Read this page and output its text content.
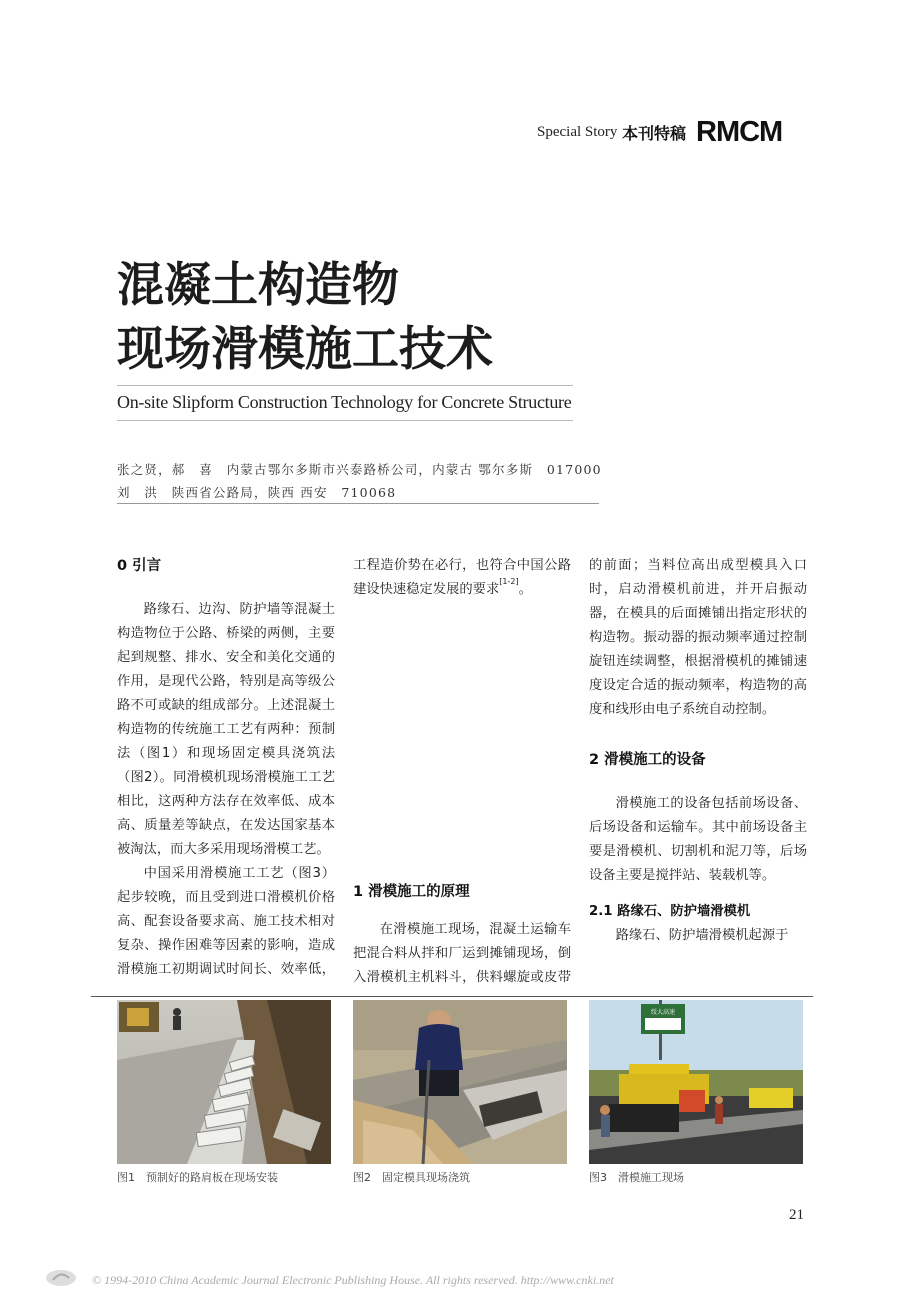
Special Story 本刊特稿 RMCM
混凝土构造物
现场滑模施工技术
On-site Slipform Construction Technology for Concrete Structure
张之贤，郝　喜　内蒙古鄂尔多斯市兴泰路桥公司，内蒙古 鄂尔多斯　017000
刘　洪　陕西省公路局，陕西 西安　710068
0 引言

路缘石、边沟、防护墙等混凝土构造物位于公路、桥梁的两侧，主要起到规整、排水、安全和美化交通的作用，是现代公路，特别是高等级公路不可或缺的组成部分。上述混凝土构造物的传统施工工艺有两种：预制法（图1）和现场固定模具浇筑法（图2）。同滑模机现场滑模施工工艺相比，这两种方法存在效率低、成本高、质量差等缺点，在发达国家基本被淘汰，而大多采用现场滑模工艺。

中国采用滑模施工工艺（图3）起步较晚，而且受到进口滑模机价格高、配套设备要求高、施工技术相对复杂、操作困难等因素的影响，造成滑模施工初期调试时间长、效率低，

工程造价势在必行，也符合中国公路建设快速稳定发展的要求[1-2]。

1 滑模施工的原理

在滑模施工现场，混凝土运输车把混合料从拌和厂运到摊铺现场，倒入滑模机主机料斗，供料螺旋或皮带

的前面；当料位高出成型模具入口时，启动滑模机前进，并开启振动器，在模具的后面摊铺出指定形状的构造物。振动器的振动频率通过控制旋钮连续调整，根据滑模机的摊铺速度设定合适的振动频率，构造物的高度和线形由电子系统自动控制。

2 滑模施工的设备

滑模施工的设备包括前场设备、后场设备和运输车。其中前场设备主要是滑模机、切割机和泥刀等，后场设备主要是搅拌站、装载机等。

2.1 路缘石、防护墙滑模机

路缘石、防护墙滑模机起源于

图1　预制好的路肩板在现场安装	图2　固定模具现场浇筑
绥大高速
图3　滑模施工现场
21
© 1994-2010 China Academic Journal Electronic Publishing House. All rights reserved. http://www.cnki.net
